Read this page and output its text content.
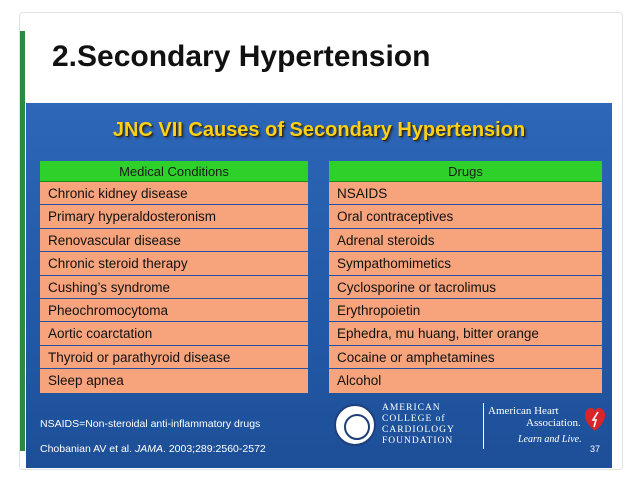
2.Secondary Hypertension
JNC VII Causes of Secondary Hypertension
Medical Conditions
Chronic kidney disease
Primary hyperaldosteronism
Renovascular disease
Chronic steroid therapy
Cushing’s syndrome
Pheochromocytoma
Aortic coarctation
Thyroid or parathyroid disease
Sleep apnea
Drugs
NSAIDS
Oral contraceptives
Adrenal steroids
Sympathomimetics
Cyclosporine or tacrolimus
Erythropoietin
Ephedra, mu huang, bitter orange
Cocaine or amphetamines
Alcohol
NSAIDS=Non-steroidal anti-inflammatory drugs
Chobanian AV et al. JAMA. 2003;289:2560-2572
AMERICAN
COLLEGE of
CARDIOLOGY
FOUNDATION
American Heart
Association.
Learn and Live.
37
